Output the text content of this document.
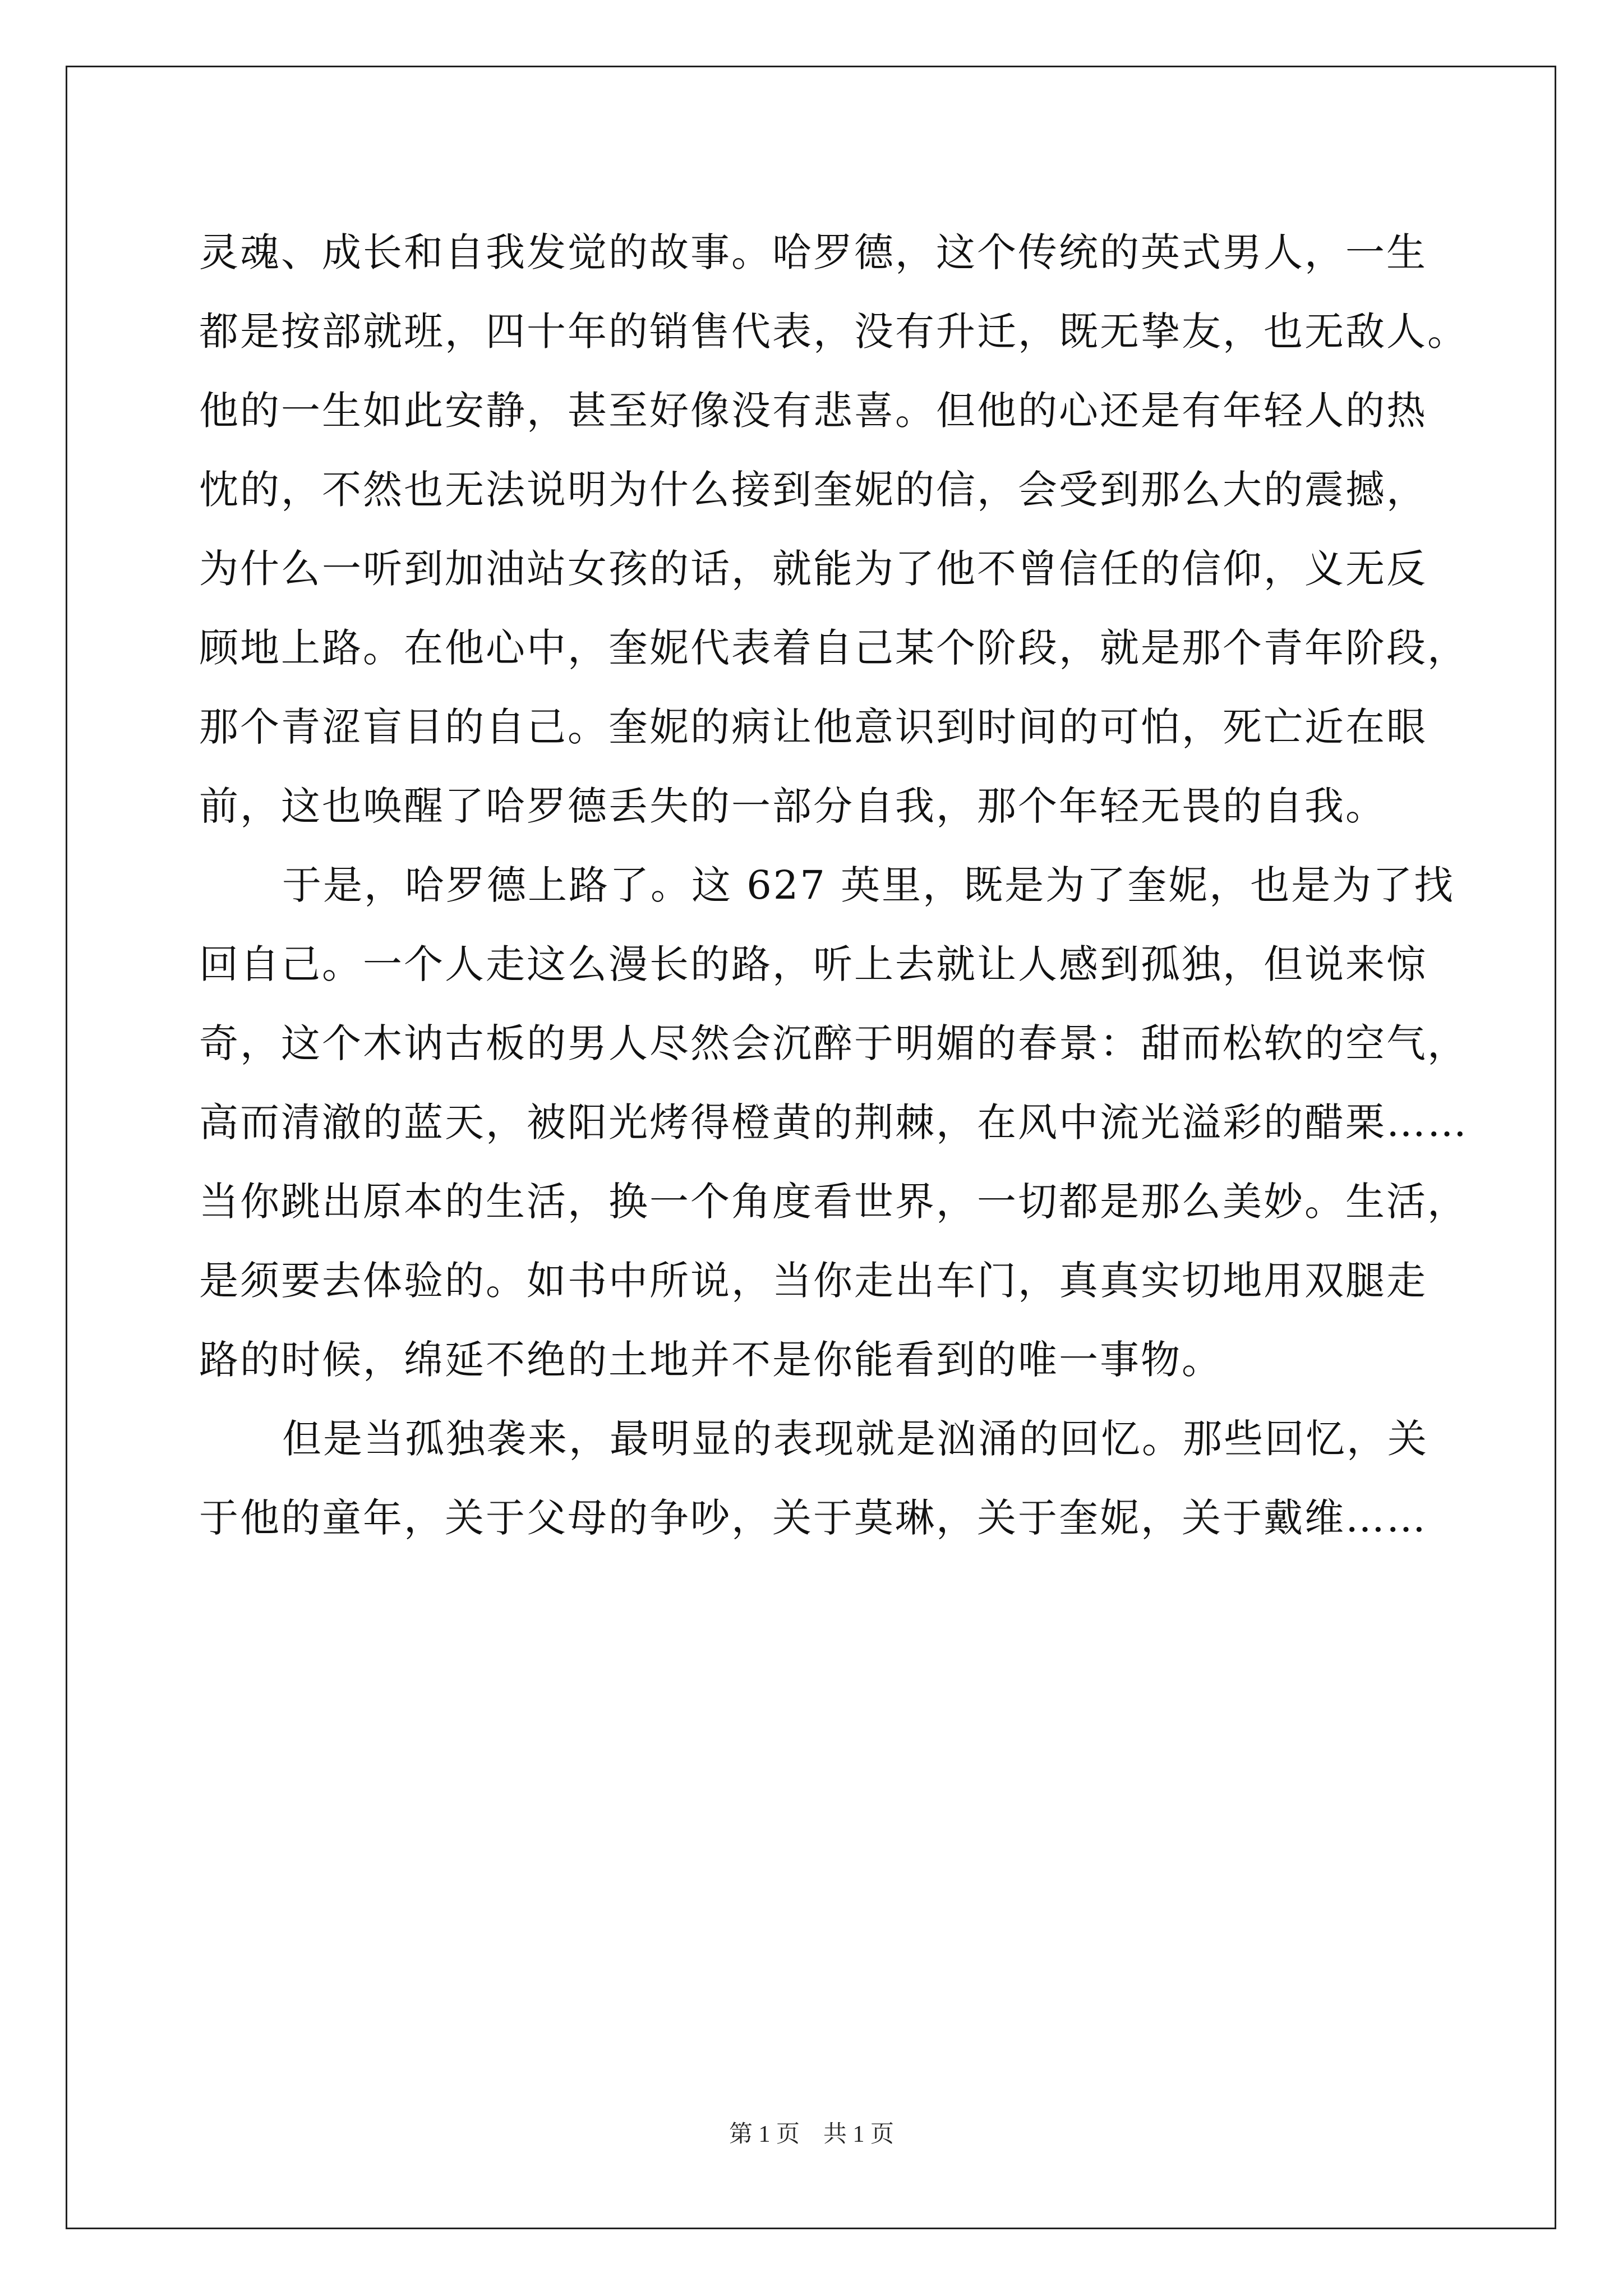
灵魂、成长和自我发觉的故事。哈罗德，这个传统的英式男人，一生
都是按部就班，四十年的销售代表，没有升迁，既无挚友，也无敌人。
他的一生如此安静，甚至好像没有悲喜。但他的心还是有年轻人的热
忱的，不然也无法说明为什么接到奎妮的信，会受到那么大的震撼，
为什么一听到加油站女孩的话，就能为了他不曾信任的信仰，义无反
顾地上路。在他心中，奎妮代表着自己某个阶段，就是那个青年阶段，
那个青涩盲目的自己。奎妮的病让他意识到时间的可怕，死亡近在眼
前，这也唤醒了哈罗德丢失的一部分自我，那个年轻无畏的自我。
于是，哈罗德上路了。这 627 英里，既是为了奎妮，也是为了找
回自己。一个人走这么漫长的路，听上去就让人感到孤独，但说来惊
奇，这个木讷古板的男人尽然会沉醉于明媚的春景：甜而松软的空气，
高而清澈的蓝天，被阳光烤得橙黄的荆棘，在风中流光溢彩的醋栗……
当你跳出原本的生活，换一个角度看世界，一切都是那么美妙。生活，
是须要去体验的。如书中所说，当你走出车门，真真实切地用双腿走
路的时候，绵延不绝的土地并不是你能看到的唯一事物。
但是当孤独袭来，最明显的表现就是汹涌的回忆。那些回忆，关
于他的童年，关于父母的争吵，关于莫琳，关于奎妮，关于戴维……
第 1 页　共 1 页
